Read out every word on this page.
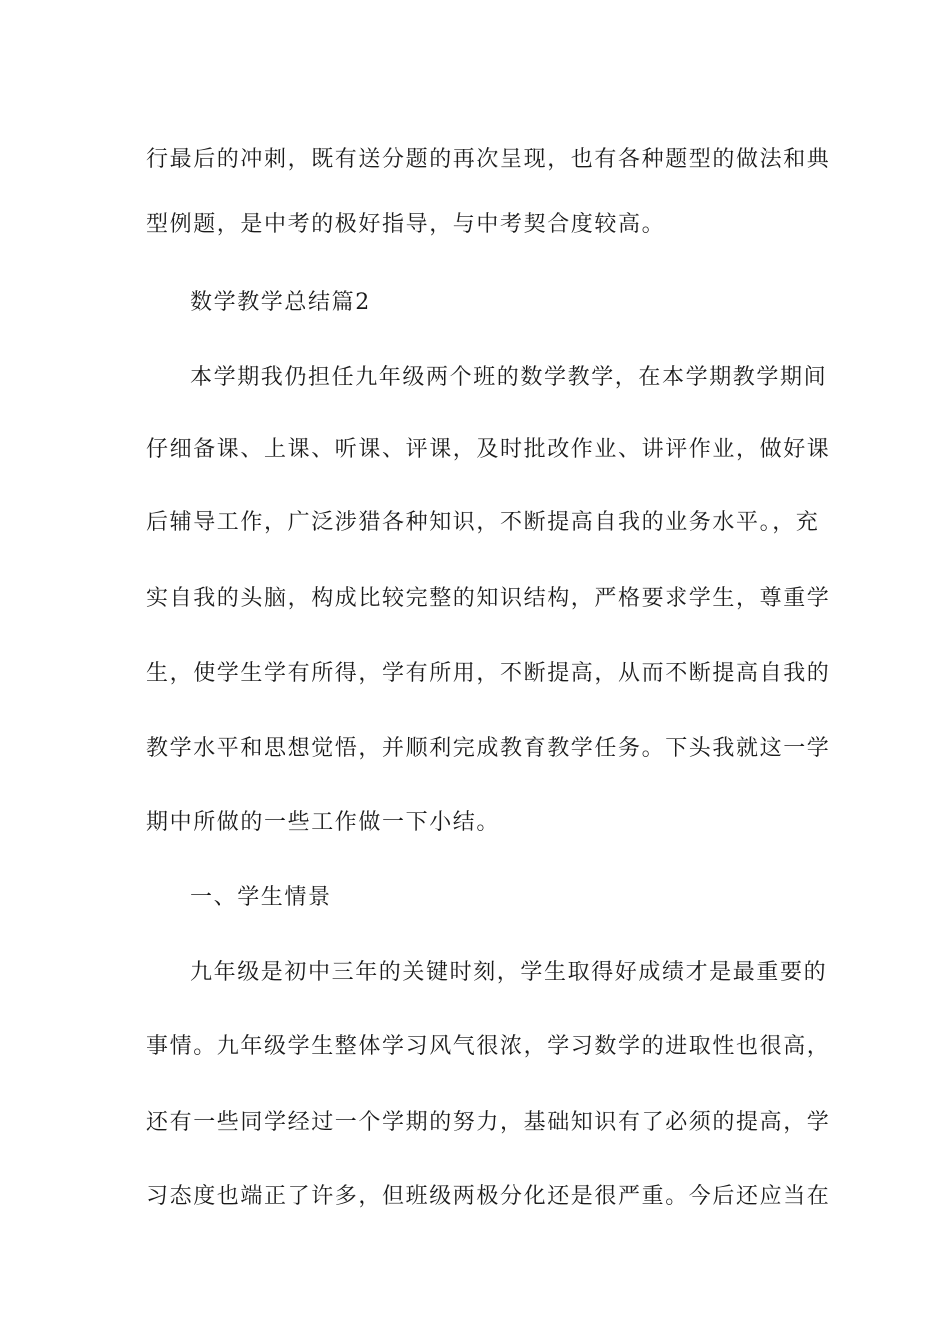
行最后的冲刺，既有送分题的再次呈现，也有各种题型的做法和典
型例题，是中考的极好指导，与中考契合度较高。
数学教学总结篇2
本学期我仍担任九年级两个班的数学教学，在本学期教学期间
仔细备课、上课、听课、评课，及时批改作业、讲评作业，做好课
后辅导工作，广泛涉猎各种知识，不断提高自我的业务水平。，充
实自我的头脑，构成比较完整的知识结构，严格要求学生，尊重学
生，使学生学有所得，学有所用，不断提高，从而不断提高自我的
教学水平和思想觉悟，并顺利完成教育教学任务。下头我就这一学
期中所做的一些工作做一下小结。
一、学生情景
九年级是初中三年的关键时刻，学生取得好成绩才是最重要的
事情。九年级学生整体学习风气很浓，学习数学的进取性也很高，
还有一些同学经过一个学期的努力，基础知识有了必须的提高，学
习态度也端正了许多，但班级两极分化还是很严重。今后还应当在
